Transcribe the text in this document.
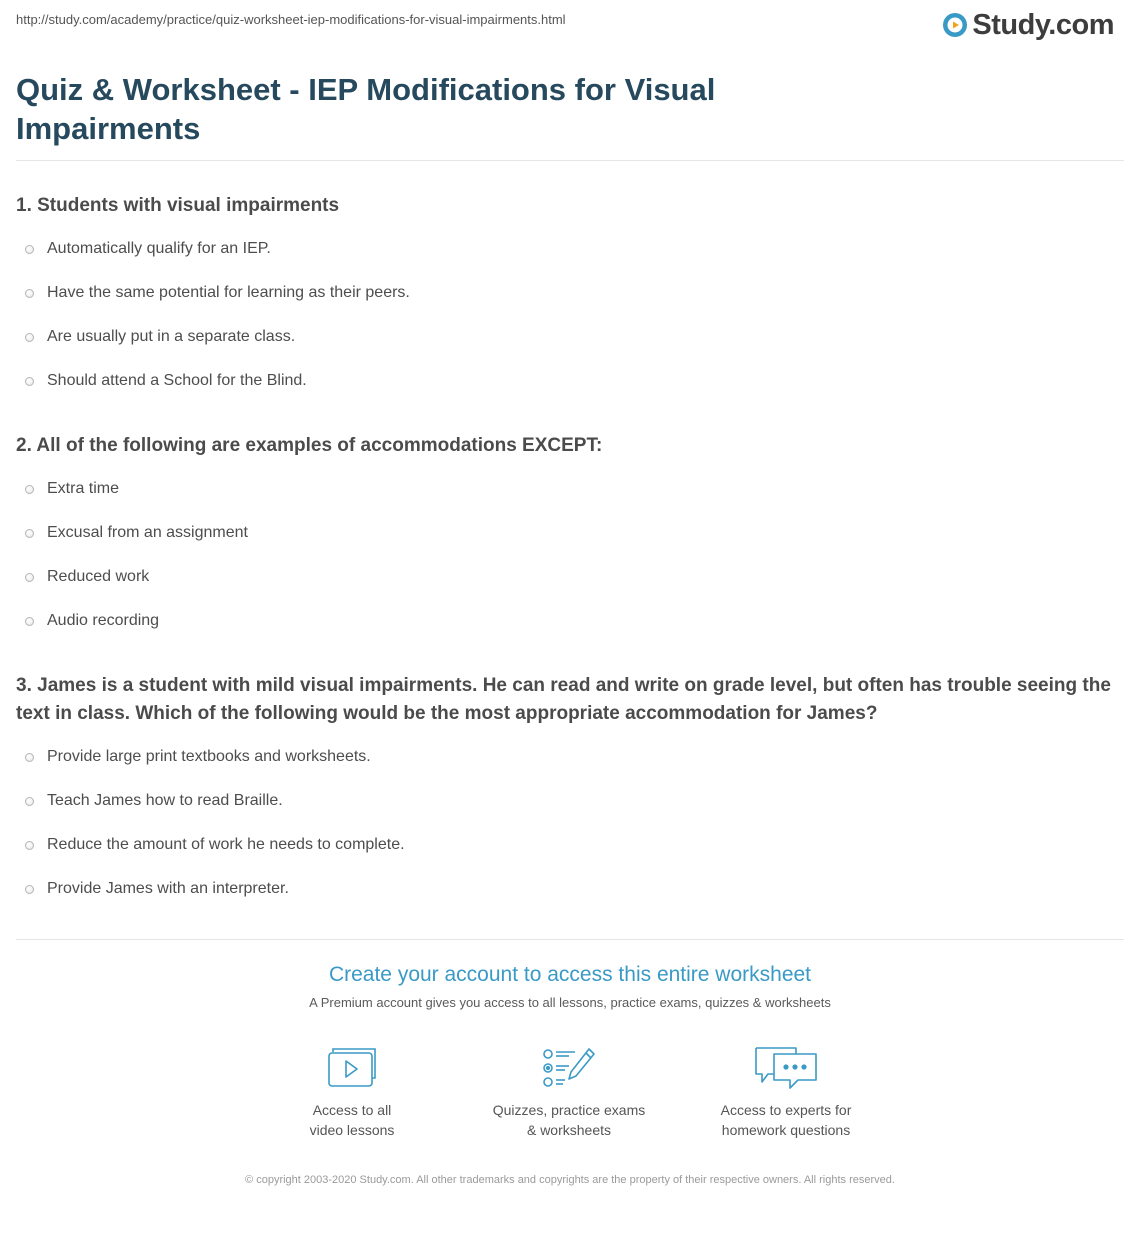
http://study.com/academy/practice/quiz-worksheet-iep-modifications-for-visual-impairments.html	Study.com
Quiz & Worksheet - IEP Modifications for Visual Impairments

1. Students with visual impairments

Automatically qualify for an IEP.
Have the same potential for learning as their peers.
Are usually put in a separate class.
Should attend a School for the Blind.

2. All of the following are examples of accommodations EXCEPT:

Extra time
Excusal from an assignment
Reduced work
Audio recording

3. James is a student with mild visual impairments. He can read and write on grade level, but often has trouble seeing the text in class. Which of the following would be the most appropriate accommodation for James?

Provide large print textbooks and worksheets.
Teach James how to read Braille.
Reduce the amount of work he needs to complete.
Provide James with an interpreter.
Create your account to access this entire worksheet
A Premium account gives you access to all lessons, practice exams, quizzes & worksheets
Access to all
video lessons
Quizzes, practice exams
& worksheets
Access to experts for
homework questions
© copyright 2003-2020 Study.com. All other trademarks and copyrights are the property of their respective owners. All rights reserved.
